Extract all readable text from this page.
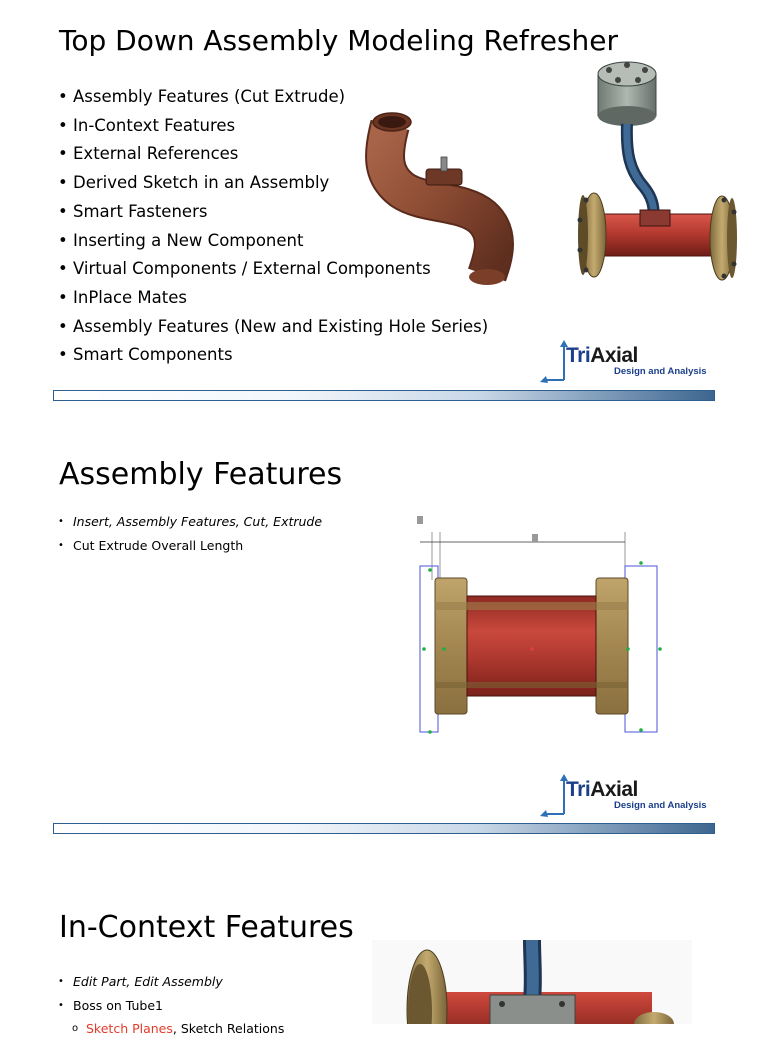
Top Down Assembly Modeling Refresher
• Assembly Features (Cut Extrude)
• In-Context Features
• External References
• Derived Sketch in an Assembly
• Smart Fasteners
• Inserting a New Component
• Virtual Components / External Components
• InPlace Mates
• Assembly Features (New and Existing Hole Series)
• Smart Components	TriAxial
Design and Analysis
Assembly Features
• Insert, Assembly Features, Cut, Extrude
• Cut Extrude Overall Length
TriAxial
Design and Analysis
In-Context Features
• Edit Part, Edit Assembly
• Boss on Tube1
o Sketch Planes, Sketch Relations
